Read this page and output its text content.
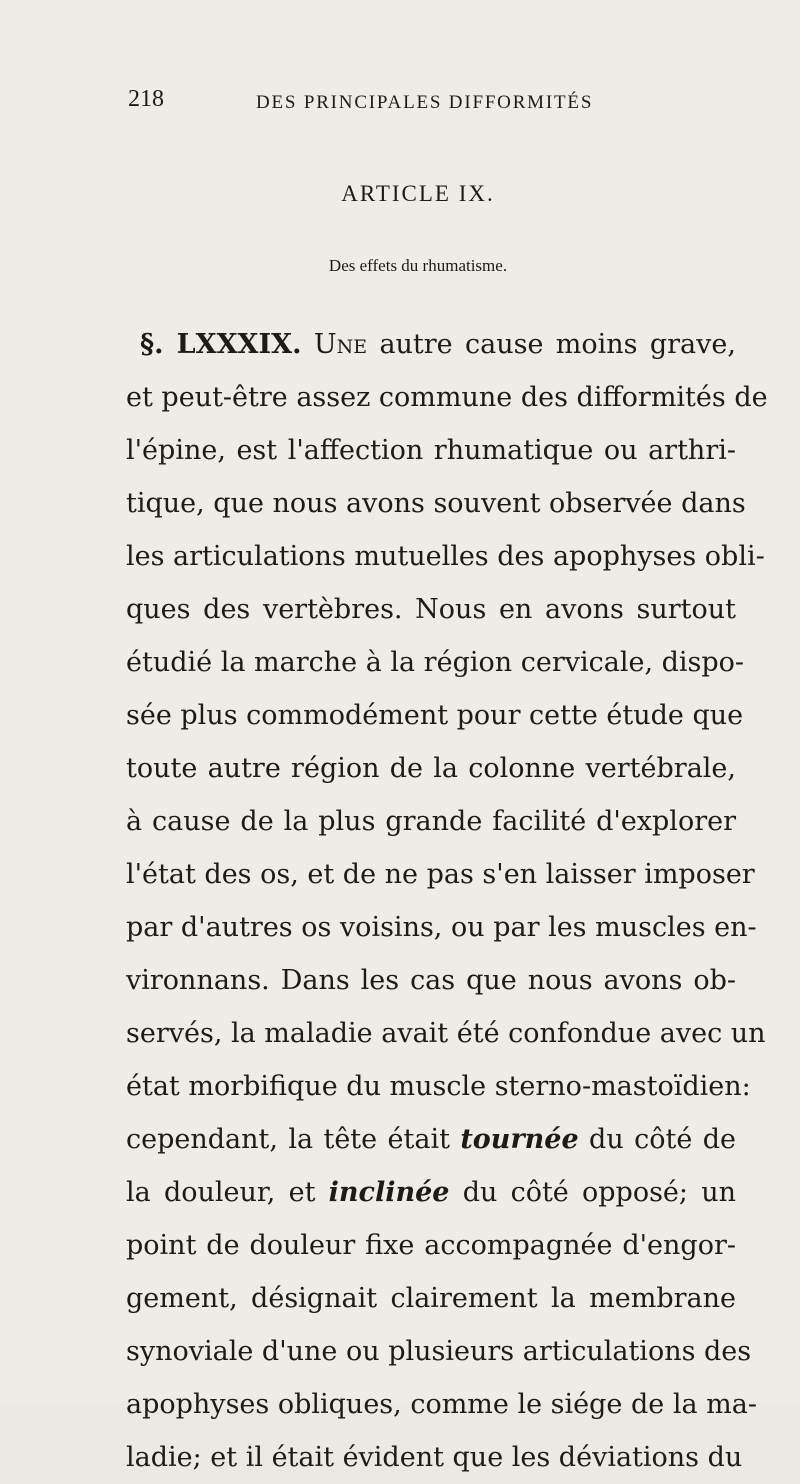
218	DES PRINCIPALES DIFFORMITÉS
ARTICLE IX.
Des effets du rhumatisme.
§. LXXXIX. Une autre cause moins grave,
et peut-être assez commune des difformités de
l'épine, est l'affection rhumatique ou arthri-
tique, que nous avons souvent observée dans
les articulations mutuelles des apophyses obli-
ques des vertèbres. Nous en avons surtout
étudié la marche à la région cervicale, dispo-
sée plus commodément pour cette étude que
toute autre région de la colonne vertébrale,
à cause de la plus grande facilité d'explorer
l'état des os, et de ne pas s'en laisser imposer
par d'autres os voisins, ou par les muscles en-
vironnans. Dans les cas que nous avons ob-
servés, la maladie avait été confondue avec un
état morbifique du muscle sterno-mastoïdien:
cependant, la tête était tournée du côté de
la douleur, et inclinée du côté opposé; un
point de douleur fixe accompagnée d'engor-
gement, désignait clairement la membrane
synoviale d'une ou plusieurs articulations des
apophyses obliques, comme le siége de la ma-
ladie; et il était évident que les déviations du
